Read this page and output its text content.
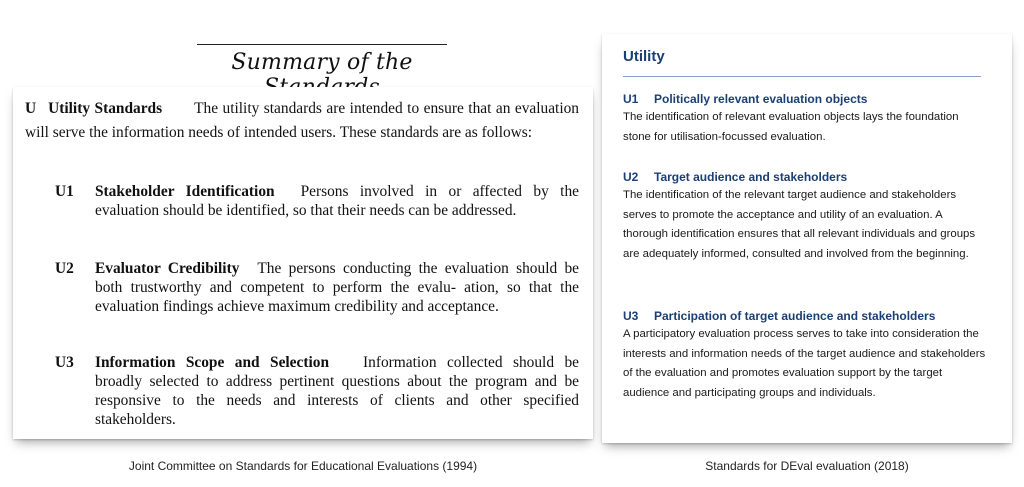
Summary of the
U Utility Standards The utility standards are intended to ensure that an evaluation will serve the information needs of intended users. These standards are as follows:
U1 Stakeholder Identification Persons involved in or affected by the evaluation should be identified, so that their needs can be addressed.
U2 Evaluator Credibility The persons conducting the evaluation should be both trustworthy and competent to perform the evalu- ation, so that the evaluation findings achieve maximum credibility and acceptance.
U3 Information Scope and Selection Information collected should be broadly selected to address pertinent questions about the program and be responsive to the needs and interests of clients and other specified stakeholders.
Joint Committee on Standards for Educational Evaluations (1994)
Utility
U1 Politically relevant evaluation objects
The identification of relevant evaluation objects lays the foundation stone for utilisation-focussed evaluation.
U2 Target audience and stakeholders
The identification of the relevant target audience and stakeholders serves to promote the acceptance and utility of an evaluation. A thorough identification ensures that all relevant individuals and groups are adequately informed, consulted and involved from the beginning.
U3 Participation of target audience and stakeholders
A participatory evaluation process serves to take into consideration the interests and information needs of the target audience and stakeholders of the evaluation and promotes evaluation support by the target audience and participating groups and individuals.
Standards for DEval evaluation (2018)
